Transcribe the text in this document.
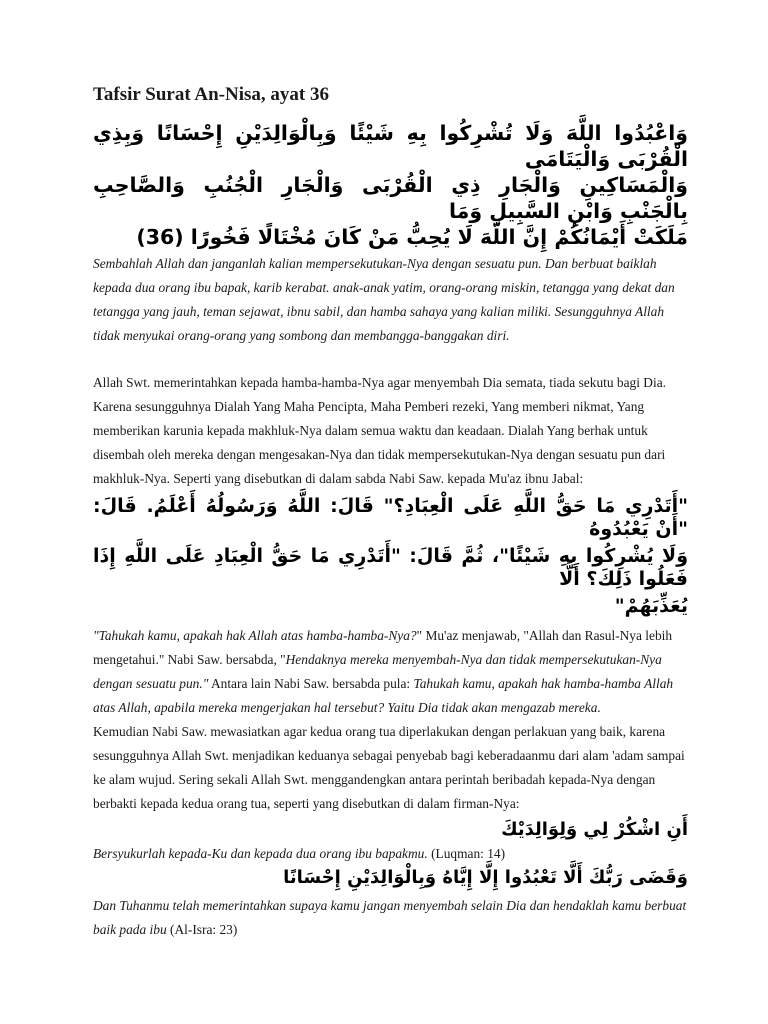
Tafsir Surat An-Nisa, ayat 36
وَاعْبُدُوا اللَّهَ وَلَا تُشْرِكُوا بِهِ شَيْئًا وَبِالْوَالِدَيْنِ إِحْسَانًا وَبِذِي الْقُرْبَى وَالْيَتَامَى
وَالْمَسَاكِينِ وَالْجَارِ ذِي الْقُرْبَى وَالْجَارِ الْجُنُبِ وَالصَّاحِبِ بِالْجَنْبِ وَابْنِ السَّبِيلِ وَمَا
مَلَكَتْ أَيْمَانُكُمْ إِنَّ اللَّهَ لَا يُحِبُّ مَنْ كَانَ مُخْتَالًا فَخُورًا (36)

Sembahlah Allah dan janganlah kalian mempersekutukan-Nya dengan sesuatu pun. Dan berbuat baiklah kepada dua orang ibu bapak, karib kerabat. anak-anak yatim, orang-orang miskin, tetangga yang dekat dan tetangga yang jauh, teman sejawat, ibnu sabil, dan hamba sahaya yang kalian miliki. Sesungguhnya Allah tidak menyukai orang-orang yang sombong dan membangga-banggakan diri.

Allah Swt. memerintahkan kepada hamba-hamba-Nya agar menyembah Dia semata, tiada sekutu bagi Dia. Karena sesungguhnya Dialah Yang Maha Pencipta, Maha Pemberi rezeki, Yang memberi nikmat, Yang memberikan karunia kepada makhluk-Nya dalam semua waktu dan keadaan. Dialah Yang berhak untuk disembah oleh mereka dengan mengesakan-Nya dan tidak mempersekutukan-Nya dengan sesuatu pun dari makhluk-Nya. Seperti yang disebutkan di dalam sabda Nabi Saw. kepada Mu'az ibnu Jabal:

"أَتَدْرِي مَا حَقُّ اللَّهِ عَلَى الْعِبَادِ؟" قَالَ: اللَّهُ وَرَسُولُهُ أَعْلَمُ. قَالَ: "أَنْ يَعْبُدُوهُ
وَلَا يُشْرِكُوا بِهِ شَيْئًا"، ثُمَّ قَالَ: "أَتَدْرِي مَا حَقُّ الْعِبَادِ عَلَى اللَّهِ إِذَا فَعَلُوا ذَلِكَ؟ أَلَّا
يُعَذِّبَهُمْ"

"Tahukah kamu, apakah hak Allah atas hamba-hamba-Nya?" Mu'az menjawab, "Allah dan Rasul-Nya lebih mengetahui." Nabi Saw. bersabda, "Hendaknya mereka menyembah-Nya dan tidak mempersekutukan-Nya dengan sesuatu pun." Antara lain Nabi Saw. bersabda pula: Tahukah kamu, apakah hak hamba-hamba Allah atas Allah, apabila mereka mengerjakan hal tersebut? Yaitu Dia tidak akan mengazab mereka.

Kemudian Nabi Saw. mewasiatkan agar kedua orang tua diperlakukan dengan perlakuan yang baik, karena sesungguhnya Allah Swt. menjadikan keduanya sebagai penyebab bagi keberadaanmu dari alam 'adam sampai ke alam wujud. Sering sekali Allah Swt. menggandengkan antara perintah beribadah kepada-Nya dengan berbakti kepada kedua orang tua, seperti yang disebutkan di dalam firman-Nya:

أَنِ اشْكُرْ لِي وَلِوَالِدَيْكَ

Bersyukurlah kepada-Ku dan kepada dua orang ibu bapakmu. (Luqman: 14)

وَقَضَى رَبُّكَ أَلَّا تَعْبُدُوا إِلَّا إِيَّاهُ وَبِالْوَالِدَيْنِ إِحْسَانًا

Dan Tuhanmu telah memerintahkan supaya kamu jangan menyembah selain Dia dan hendaklah kamu berbuat baik pada ibu (Al-Isra: 23)
